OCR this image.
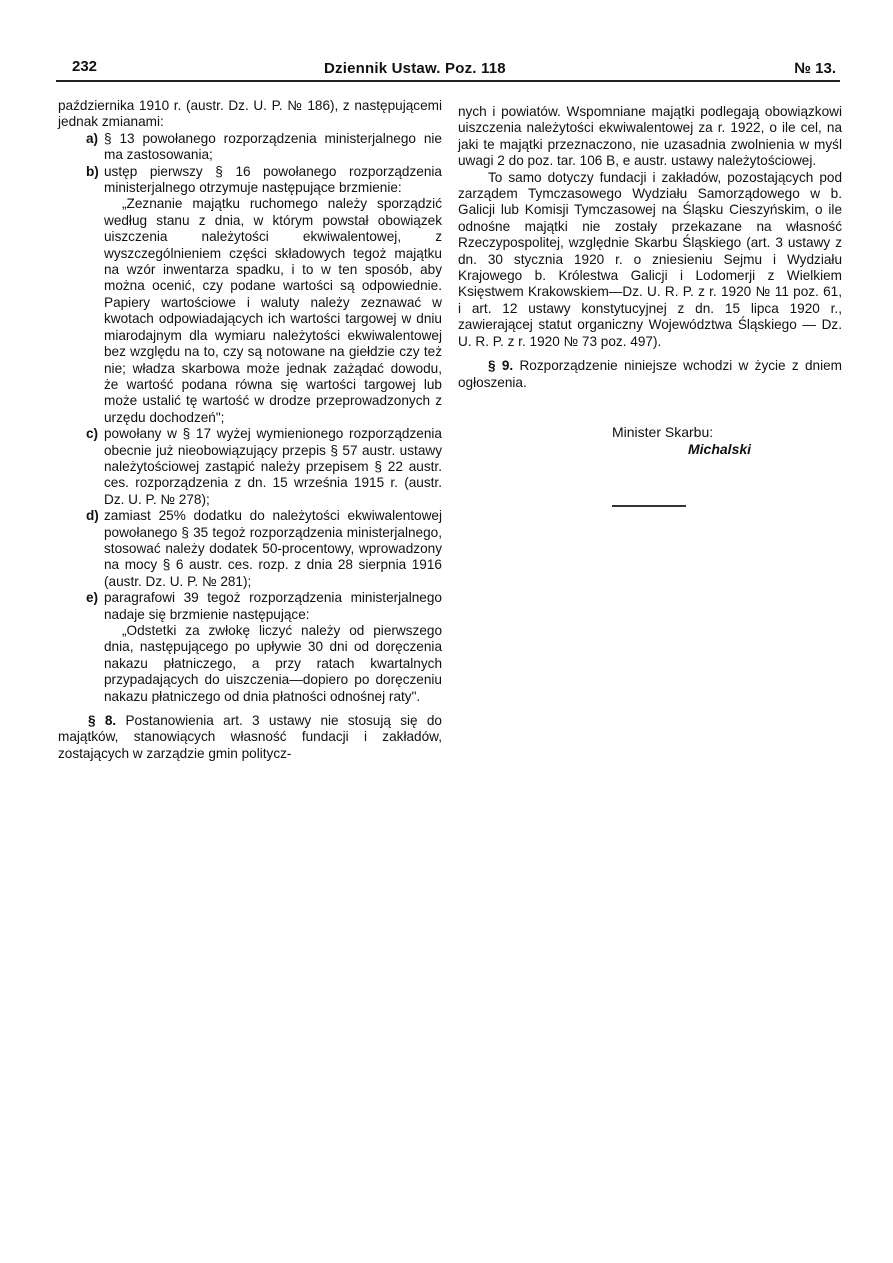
232	Dziennik Ustaw. Poz. 118	№ 13.

października 1910 r. (austr. Dz. U. P. № 186), z następującemi jednak zmianami:

a) § 13 powołanego rozporządzenia ministerjalnego nie ma zastosowania;

b) ustęp pierwszy § 16 powołanego rozporządzenia ministerjalnego otrzymuje następujące brzmienie:

„Zeznanie majątku ruchomego należy sporządzić według stanu z dnia, w którym powstał obowiązek uiszczenia należytości ekwiwalentowej, z wyszczególnieniem części składowych tegoż majątku na wzór inwentarza spadku, i to w ten sposób, aby można ocenić, czy podane wartości są odpowiednie. Papiery wartościowe i waluty należy zeznawać w kwotach odpowiadających ich wartości targowej w dniu miarodajnym dla wymiaru należytości ekwiwalentowej bez względu na to, czy są notowane na giełdzie czy też nie; władza skarbowa może jednak zażądać dowodu, że wartość podana równa się wartości targowej lub może ustalić tę wartość w drodze przeprowadzonych z urzędu dochodzeń";

c) powołany w § 17 wyżej wymienionego rozporządzenia obecnie już nieobowiązujący przepis § 57 austr. ustawy należytościowej zastąpić należy przepisem § 22 austr. ces. rozporządzenia z dn. 15 września 1915 r. (austr. Dz. U. P. № 278);

d) zamiast 25% dodatku do należytości ekwiwalentowej powołanego § 35 tegoż rozporządzenia ministerjalnego, stosować należy dodatek 50-procentowy, wprowadzony na mocy § 6 austr. ces. rozp. z dnia 28 sierpnia 1916 (austr. Dz. U. P. № 281);

e) paragrafowi 39 tegoż rozporządzenia ministerjalnego nadaje się brzmienie następujące:

„Odstetki za zwłokę liczyć należy od pierwszego dnia, następującego po upływie 30 dni od doręczenia nakazu płatniczego, a przy ratach kwartalnych przypadających do uiszczenia—dopiero po doręczeniu nakazu płatniczego od dnia płatności odnośnej raty".

§ 8. Postanowienia art. 3 ustawy nie stosują się do majątków, stanowiących własność fundacji i zakładów, zostających w zarządzie gmin politycz-

nych i powiatów. Wspomniane majątki podlegają obowiązkowi uiszczenia należytości ekwiwalentowej za r. 1922, o ile cel, na jaki te majątki przeznaczono, nie uzasadnia zwolnienia w myśl uwagi 2 do poz. tar. 106 B, e austr. ustawy należytościowej.

To samo dotyczy fundacji i zakładów, pozostających pod zarządem Tymczasowego Wydziału Samorządowego w b. Galicji lub Komisji Tymczasowej na Śląsku Cieszyńskim, o ile odnośne majątki nie zostały przekazane na własność Rzeczypospolitej, względnie Skarbu Śląskiego (art. 3 ustawy z dn. 30 stycznia 1920 r. o zniesieniu Sejmu i Wydziału Krajowego b. Królestwa Galicji i Lodomerji z Wielkiem Księstwem Krakowskiem—Dz. U. R. P. z r. 1920 № 11 poz. 61, i art. 12 ustawy konstytucyjnej z dn. 15 lipca 1920 r., zawierającej statut organiczny Województwa Śląskiego — Dz. U. R. P. z r. 1920 № 73 poz. 497).

§ 9. Rozporządzenie niniejsze wchodzi w życie z dniem ogłoszenia.

Minister Skarbu:
Michalski
